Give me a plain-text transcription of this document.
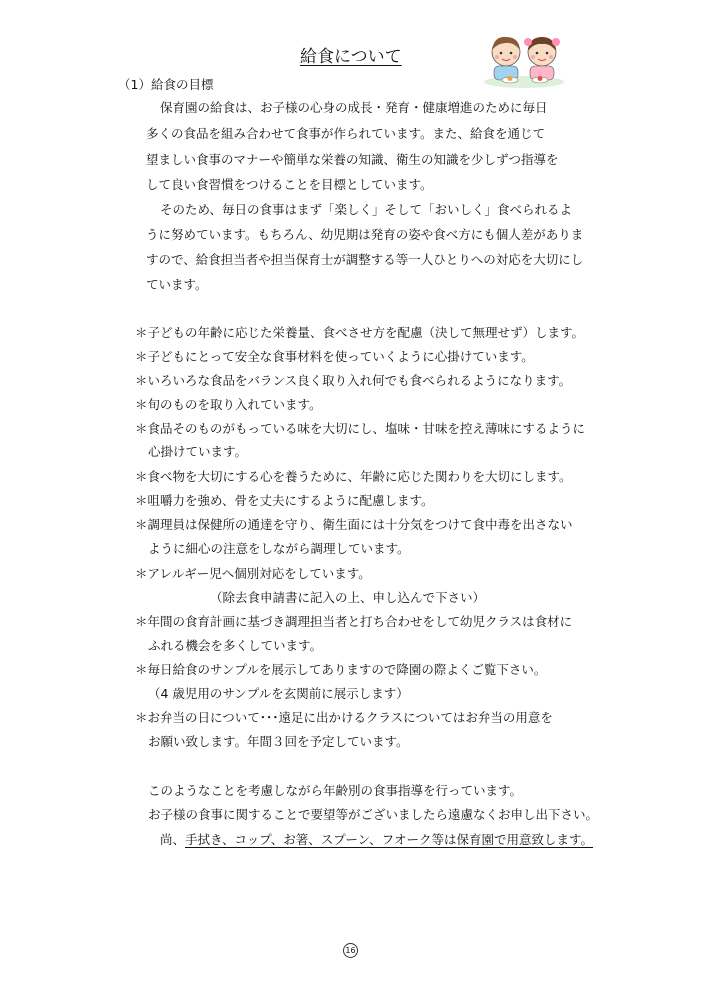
給食について
（1）給食の目標
保育園の給食は、お子様の心身の成長・発育・健康増進のために毎日
多くの食品を組み合わせて食事が作られています。また、給食を通じて
望ましい食事のマナーや簡単な栄養の知識、衛生の知識を少しずつ指導を
して良い食習慣をつけることを目標としています。
そのため、毎日の食事はまず「楽しく」そして「おいしく」食べられるよ
うに努めています。もちろん、幼児期は発育の姿や食べ方にも個人差がありま
すので、給食担当者や担当保育士が調整する等一人ひとりへの対応を大切にし
ています。
＊子どもの年齢に応じた栄養量、食べさせ方を配慮（決して無理せず）します。
＊子どもにとって安全な食事材料を使っていくように心掛けています。
＊いろいろな食品をバランス良く取り入れ何でも食べられるようになります。
＊旬のものを取り入れています。
＊食品そのものがもっている味を大切にし、塩味・甘味を控え薄味にするように
心掛けています。
＊食べ物を大切にする心を養うために、年齢に応じた関わりを大切にします。
＊咀嚼力を強め、骨を丈夫にするように配慮します。
＊調理員は保健所の通達を守り、衛生面には十分気をつけて食中毒を出さない
ように細心の注意をしながら調理しています。
＊アレルギー児へ個別対応をしています。
（除去食申請書に記入の上、申し込んで下さい）
＊年間の食育計画に基づき調理担当者と打ち合わせをして幼児クラスは食材に
ふれる機会を多くしています。
＊毎日給食のサンプルを展示してありますので降園の際よくご覧下さい。
（4 歳児用のサンプルを玄関前に展示します）
＊お弁当の日について･･･遠足に出かけるクラスについてはお弁当の用意を
お願い致します。年間３回を予定しています。
このようなことを考慮しながら年齢別の食事指導を行っています。
お子様の食事に関することで要望等がございましたら遠慮なくお申し出下さい。
尚、手拭き、コップ、お箸、スプーン、フオーク等は保育園で用意致します。
16
